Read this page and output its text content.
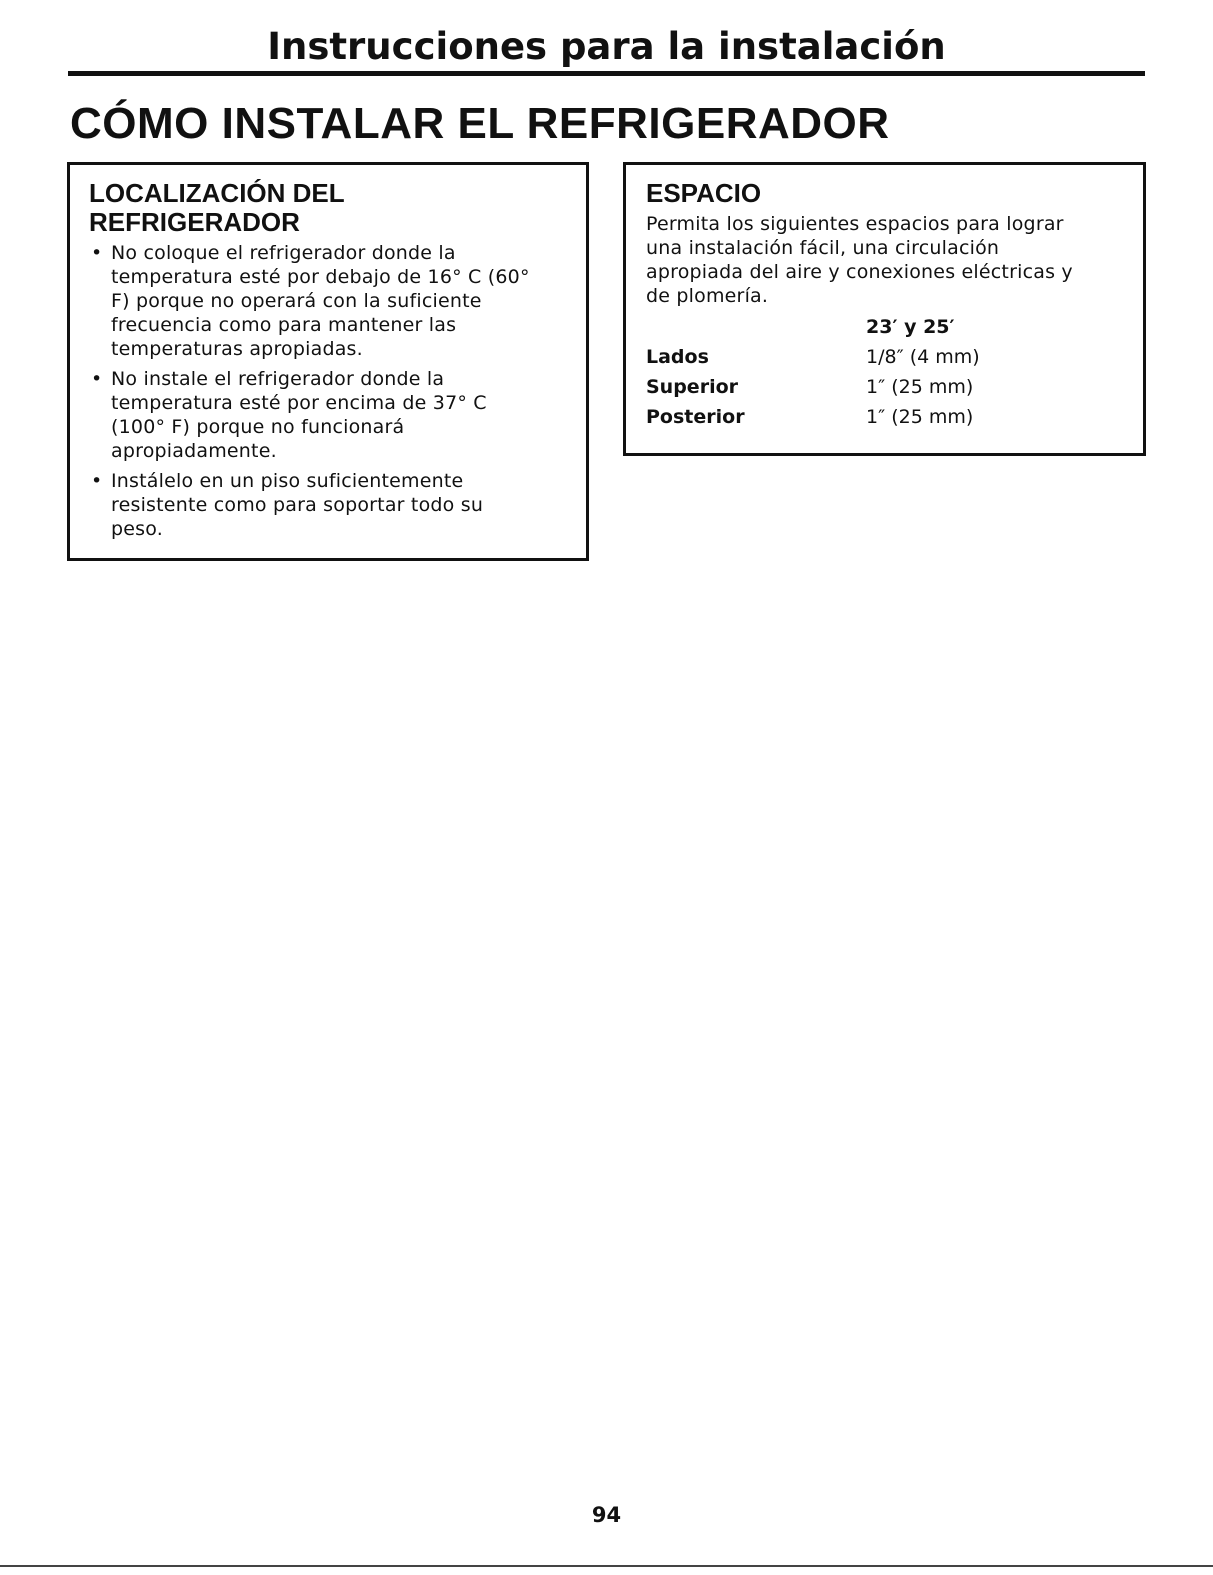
Instrucciones para la instalación
CÓMO INSTALAR EL REFRIGERADOR
LOCALIZACIÓN DEL
REFRIGERADOR
• No coloque el refrigerador donde la temperatura esté por debajo de 16° C (60° F) porque no operará con la suficiente frecuencia como para mantener las temperaturas apropiadas.
• No instale el refrigerador donde la temperatura esté por encima de 37° C (100° F) porque no funcionará apropiadamente.
• Instálelo en un piso suficientemente resistente como para soportar todo su peso.
ESPACIO

Permita los siguientes espacios para lograr una instalación fácil, una circulación apropiada del aire y conexiones eléctricas y de plomería.

	23′ y 25′
Lados	1/8″ (4 mm)
Superior	1″ (25 mm)
Posterior	1″ (25 mm)
94
